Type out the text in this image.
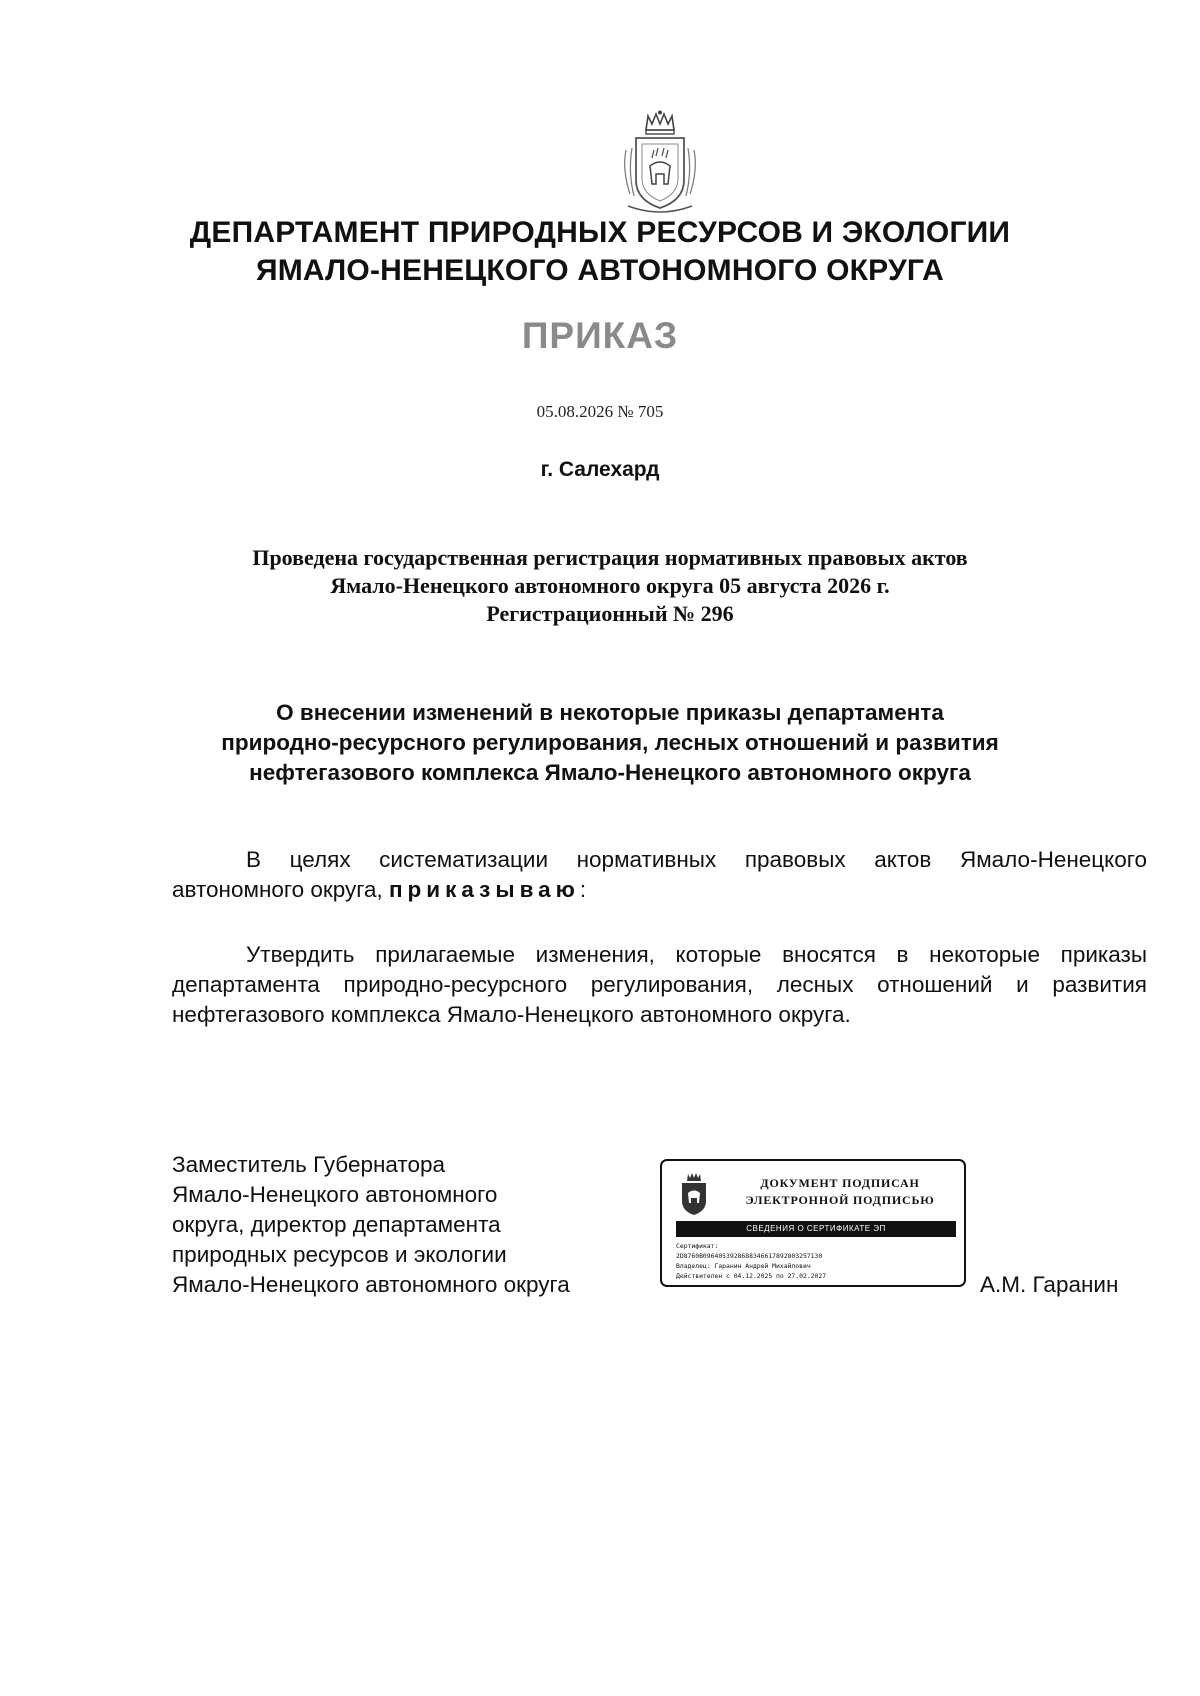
ДЕПАРТАМЕНТ ПРИРОДНЫХ РЕСУРСОВ И ЭКОЛОГИИ
ЯМАЛО-НЕНЕЦКОГО АВТОНОМНОГО ОКРУГА
ПРИКАЗ
05.08.2026 № 705
г. Салехард
Проведена государственная регистрация нормативных правовых актов
Ямало-Ненецкого автономного округа 05 августа 2026 г.
Регистрационный № 296
О внесении изменений в некоторые приказы департамента
природно-ресурсного регулирования, лесных отношений и развития
нефтегазового комплекса Ямало-Ненецкого автономного округа
В целях систематизации нормативных правовых актов Ямало-Ненецкого автономного округа, приказываю:
Утвердить прилагаемые изменения, которые вносятся в некоторые приказы департамента природно-ресурсного регулирования, лесных отношений и развития нефтегазового комплекса Ямало-Ненецкого автономного округа.
Заместитель Губернатора
Ямало-Ненецкого автономного
округа, директор департамента
природных ресурсов и экологии
Ямало-Ненецкого автономного округа
ДОКУМЕНТ ПОДПИСАН
ЭЛЕКТРОННОЙ ПОДПИСЬЮ
СВЕДЕНИЯ О СЕРТИФИКАТЕ ЭП
Сертификат:
2D8760B0964053928688346617892803257130
Владелец: Гаранин Андрей Михайлович
Действителен с 04.12.2025 по 27.02.2027	А.М. Гаранин
